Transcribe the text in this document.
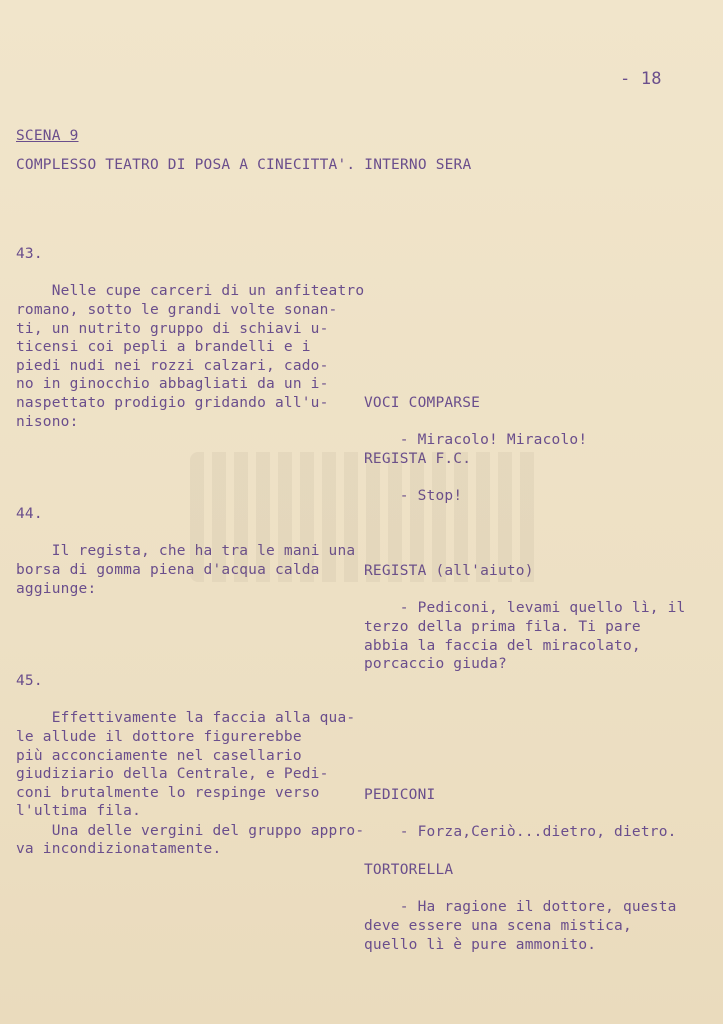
- 18
SCENA 9
COMPLESSO TEATRO DI POSA A CINECITTA'. INTERNO SERA

43.

Nelle cupe carceri di un anfiteatro
romano, sotto le grandi volte sonan-
ti, un nutrito gruppo di schiavi u-
ticensi coi pepli a brandelli e i
piedi nudi nei rozzi calzari, cado-
no in ginocchio abbagliati da un i-
naspettato prodigio gridando all'u-
nisono:

44.

Il regista, che ha tra le mani una
borsa di gomma piena d'acqua calda
aggiunge:

45.

Effettivamente la faccia alla qua-
le allude il dottore figurerebbe
più acconciamente nel casellario
giudiziario della Centrale, e Pedi-
coni brutalmente lo respinge verso
l'ultima fila.

Una delle vergini del gruppo appro-
va incondizionatamente.

VOCI COMPARSE

- Miracolo! Miracolo!

REGISTA F.C.

- Stop!

REGISTA (all'aiuto)

- Pediconi, levami quello lì, il
terzo della prima fila. Ti pare
abbia la faccia del miracolato,
porcaccio giuda?

PEDICONI

- Forza,Ceriò...dietro, dietro.

TORTORELLA

- Ha ragione il dottore, questa
deve essere una scena mistica,
quello lì è pure ammonito.
